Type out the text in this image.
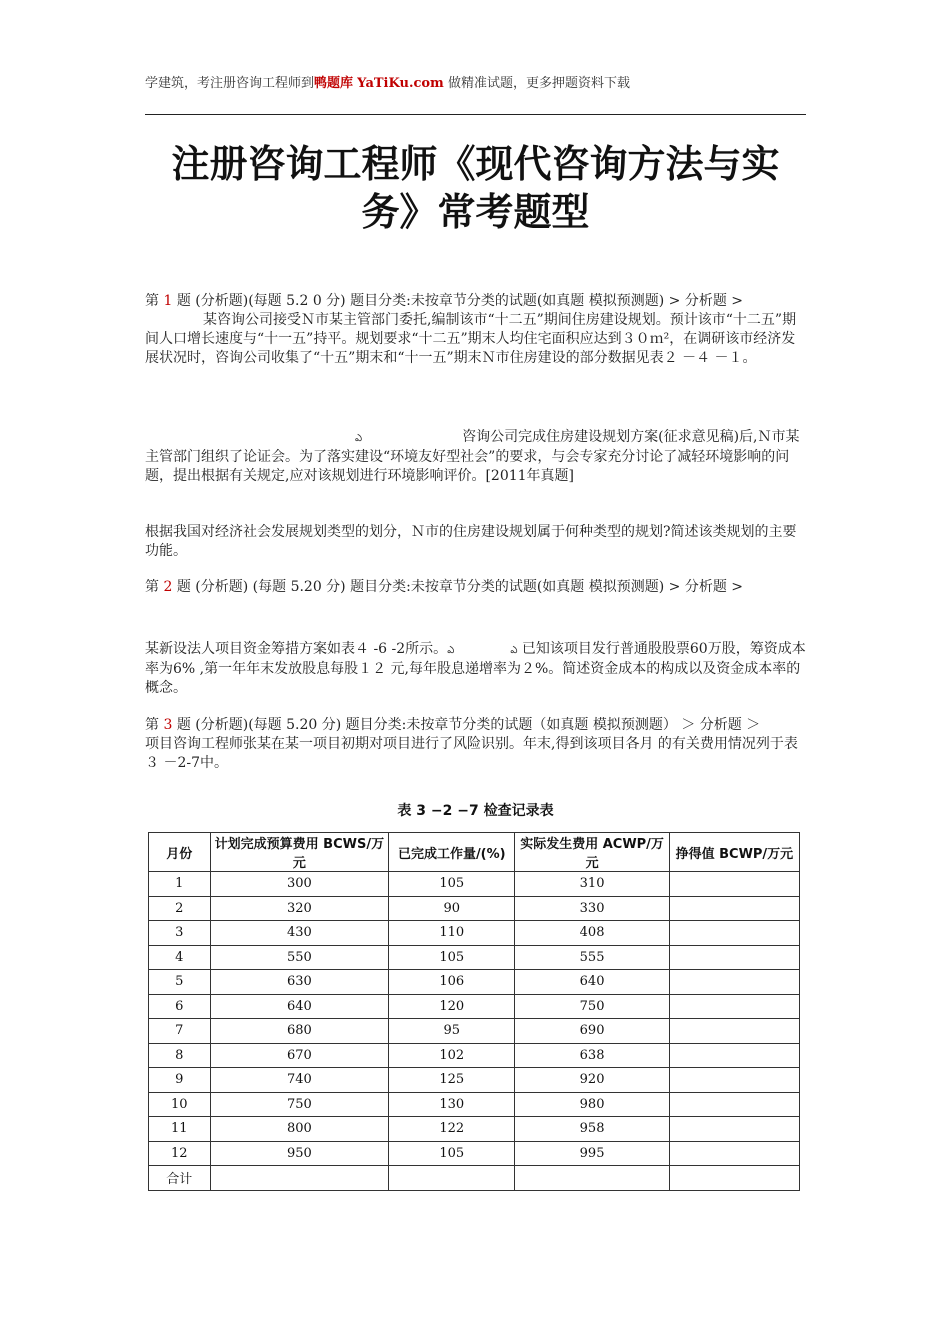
学建筑，考注册咨询工程师到鸭题库 YaTiKu.com 做精准试题，更多押题资料下载
注册咨询工程师《现代咨询方法与实务》常考题型
第 1 题 (分析题)(每题 5.2 0 分) 题目分类:未按章节分类的试题(如真题 模拟预测题) > 分析题 >
某咨询公司接受Ｎ市某主管部门委托,编制该市“十二五”期间住房建设规划。预计该市“十二五”期间人口增长速度与“十一五”持平。规划要求“十二五”期末人均住宅面积应达到３０ｍ²，在调研该市经济发展状况时，咨询公司收集了“十五”期末和“十一五”期末Ｎ市住房建设的部分数据见表２ －４ －１。
ఎ	咨询公司完成住房建设规划方案(征求意见稿)后,Ｎ市某主管部门组织了论证会。为了落实建设“环境友好型社会”的要求，与会专家充分讨论了减轻环境影响的问题，提出根据有关规定,应对该规划进行环境影响评价。[2011年真题]
根据我国对经济社会发展规划类型的划分，Ｎ市的住房建设规划属于何种类型的规划?简述该类规划的主要功能。
第 2 题 (分析题) (每题 5.20 分) 题目分类:未按章节分类的试题(如真题 模拟预测题) > 分析题 >
某新设法人项目资金筹措方案如表４ -6 -2所示。ఎ	ఎ 已知该项目发行普通股股票60万股，筹资成本率为6% ,第一年年末发放股息每股１２ 元,每年股息递增率为２%。简述资金成本的构成以及资金成本率的概念。
第 3 题 (分析题)(每题 5.20 分) 题目分类:未按章节分类的试题（如真题 模拟预测题） ＞ 分析题 ＞
项目咨询工程师张某在某一项目初期对项目进行了风险识别。年末,得到该项目各月 的有关费用情况列于表３ －2-7中。
表 3 −2 −7 检查记录表
月份	计划完成预算费用 BCWS/万元	已完成工作量/(%)	实际发生费用 ACWP/万元	挣得值 BCWP/万元
1	300	105	310	
2	320	90	330	
3	430	110	408	
4	550	105	555	
5	630	106	640	
6	640	120	750	
7	680	95	690	
8	670	102	638	
9	740	125	920	
10	750	130	980	
11	800	122	958	
12	950	105	995	
合计				
